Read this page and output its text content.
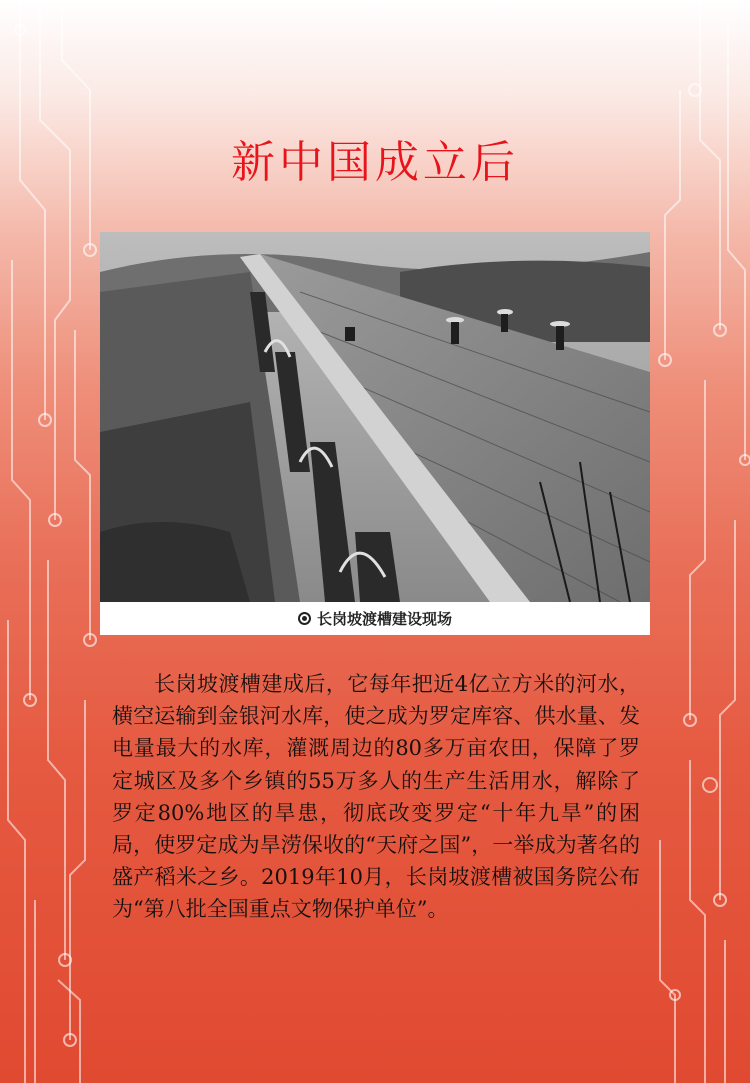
新中国成立后
长岗坡渡槽建设现场

长岗坡渡槽建成后，它每年把近4亿立方米的河水，横空运输到金银河水库，使之成为罗定库容、供水量、发电量最大的水库，灌溉周边的80多万亩农田，保障了罗定城区及多个乡镇的55万多人的生产生活用水，解除了罗定80%地区的旱患，彻底改变罗定“十年九旱”的困局，使罗定成为旱涝保收的“天府之国”，一举成为著名的盛产稻米之乡。2019年10月，长岗坡渡槽被国务院公布为“第八批全国重点文物保护单位”。
